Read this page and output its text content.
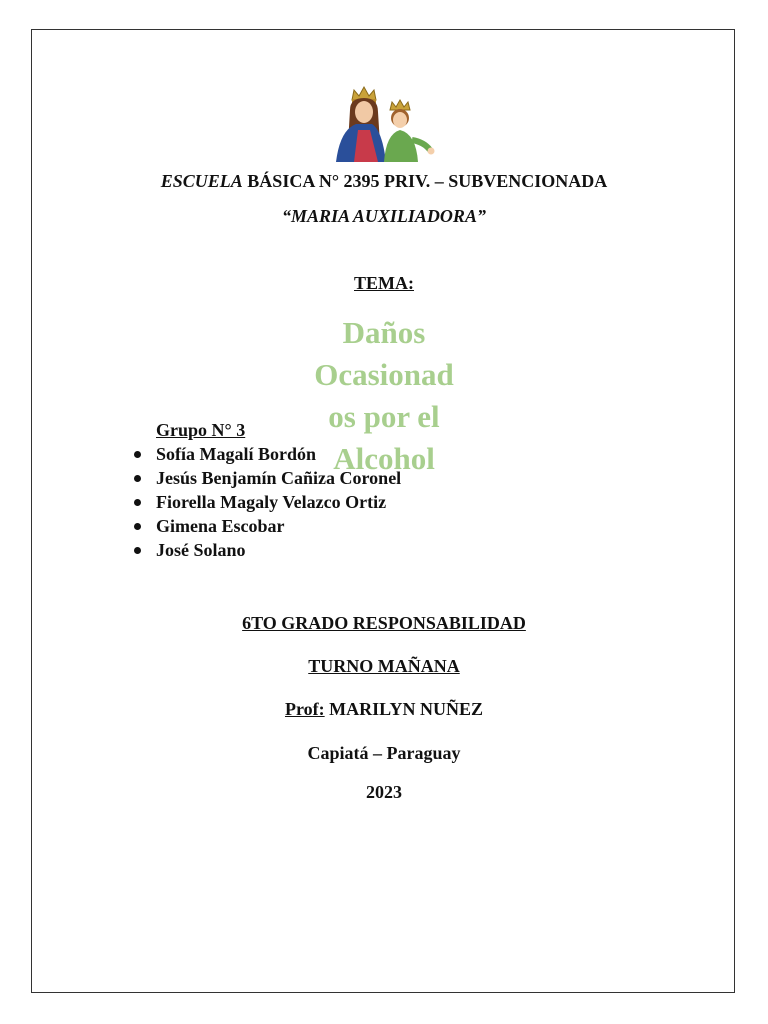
ESCUELA BÁSICA N° 2395 PRIV. – SUBVENCIONADA
“MARIA AUXILIADORA”
TEMA:
Daños
Ocasionad
os por el
Alcohol
Grupo N° 3
Sofía Magalí Bordón
Jesús Benjamín Cañiza Coronel
Fiorella Magaly Velazco Ortiz
Gimena Escobar
José Solano
6TO GRADO RESPONSABILIDAD
TURNO MAÑANA
Prof: MARILYN NUÑEZ
Capiatá – Paraguay
2023
